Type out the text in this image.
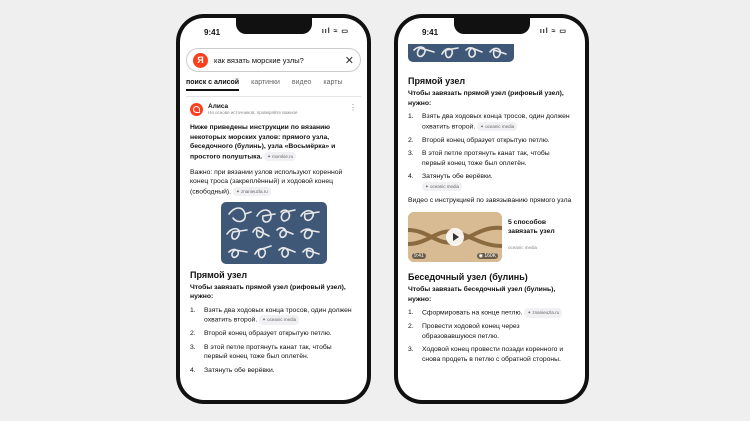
9:41	ııl ≈ ▭
Я	как вязать морские узлы?	✕
поиск с алисой картинки видео карты
Алиса
На основе источников, проверяйте важное
⋮

Ниже приведены инструкции по вязанию некоторых морских узлов: прямого узла, беседочного (булинь), узла «Восьмёрка» и простого полуштыка. ✦ morskie.ru

Важно: при вязании узлов используют коренной конец троса (закреплённый) и ходовой конец (свободный). ✦ znanieuzla.ru

Прямой узел

Чтобы завязать прямой узел (рифовый узел), нужно:

1.	Взять два ходовых конца тросов, один должен охватить второй. ✦ oceanic media
2.	Второй конец образует открытую петлю.
3.	В этой петле протянуть канат так, чтобы первый конец тоже был оплетён.
4.	Затянуть обе верёвки.
9:41	ııl ≈ ▭
Прямой узел

Чтобы завязать прямой узел (рифовый узел), нужно:

1.	Взять два ходовых конца тросов, один должен охватить второй. ✦ oceanic media
2.	Второй конец образует открытую петлю.
3.	В этой петле протянуть канат так, чтобы первый конец тоже был оплетён.
4.	Затянуть обе верёвки.
✦ oceanic media

Видео с инструкцией по завязыванию прямого узла

9:41	◉ 160K
5 способов завязать узел
oceanic media
Беседочный узел (булинь)

Чтобы завязать беседочный узел (булинь), нужно:

1.	Сформировать на конце петлю. ✦ znanieuzla.ru
2.	Провести ходовой конец через образовавшуюся петлю.
3.	Ходовой конец провести позади коренного и снова продеть в петлю с обратной стороны.
